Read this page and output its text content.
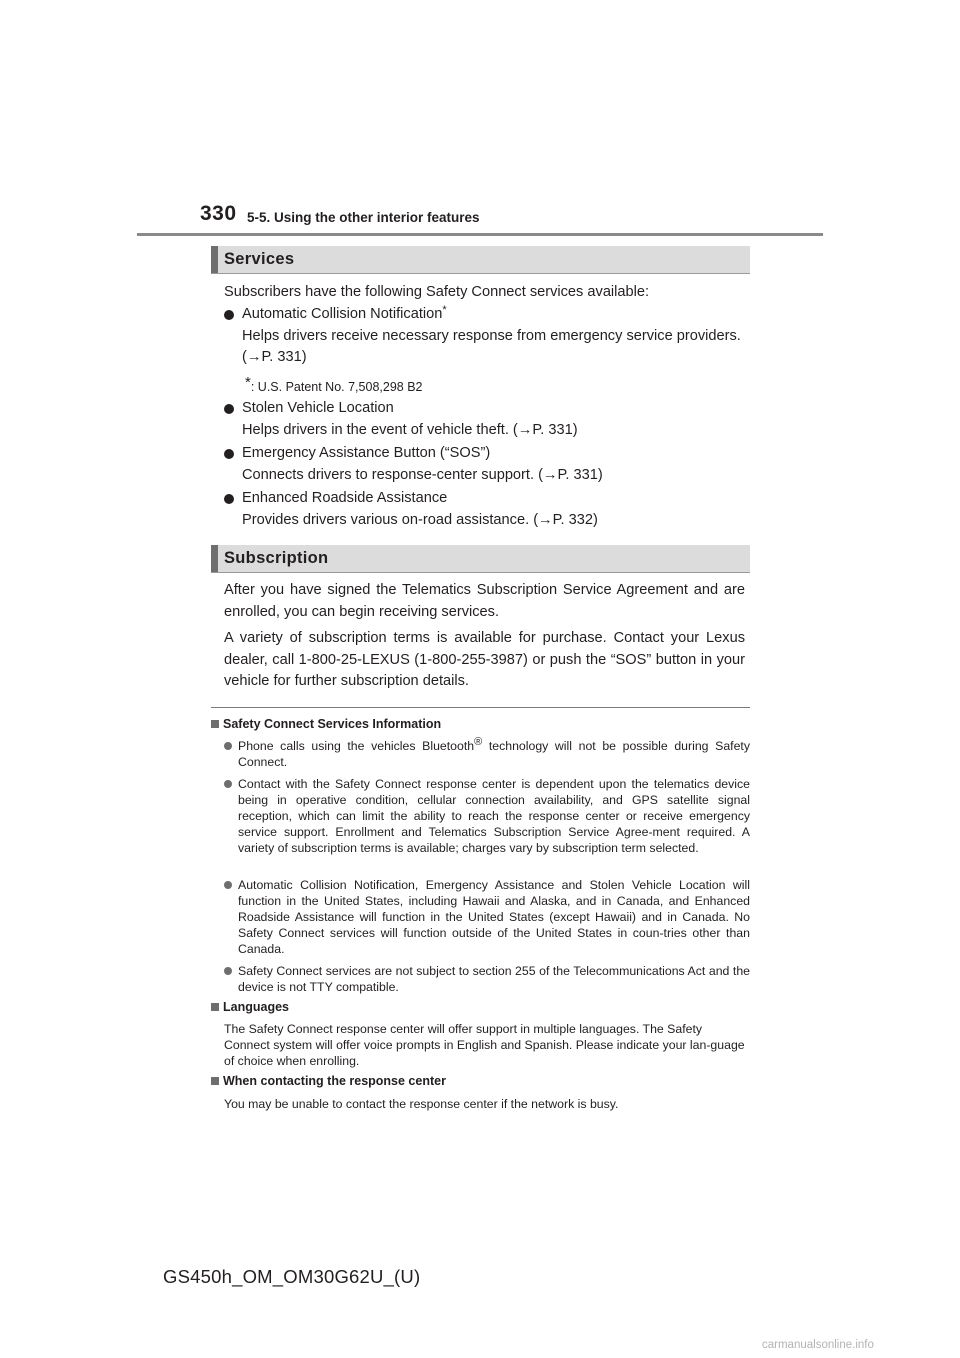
330 5-5. Using the other interior features
Services
Subscribers have the following Safety Connect services available:
Automatic Collision Notification*
Helps drivers receive necessary response from emergency service providers.
(→P. 331)
*: U.S. Patent No. 7,508,298 B2
Stolen Vehicle Location
Helps drivers in the event of vehicle theft. (→P. 331)
Emergency Assistance Button (“SOS”)
Connects drivers to response-center support. (→P. 331)
Enhanced Roadside Assistance
Provides drivers various on-road assistance. (→P. 332)
Subscription
After you have signed the Telematics Subscription Service Agreement and are enrolled, you can begin receiving services.
A variety of subscription terms is available for purchase. Contact your Lexus dealer, call 1-800-25-LEXUS (1-800-255-3987) or push the “SOS” button in your vehicle for further subscription details.
Safety Connect Services Information
Phone calls using the vehicles Bluetooth® technology will not be possible during Safety Connect.
Contact with the Safety Connect response center is dependent upon the telematics device being in operative condition, cellular connection availability, and GPS satellite signal reception, which can limit the ability to reach the response center or receive emergency service support. Enrollment and Telematics Subscription Service Agree-ment required. A variety of subscription terms is available; charges vary by subscription term selected.
Automatic Collision Notification, Emergency Assistance and Stolen Vehicle Location will function in the United States, including Hawaii and Alaska, and in Canada, and Enhanced Roadside Assistance will function in the United States (except Hawaii) and in Canada. No Safety Connect services will function outside of the United States in coun-tries other than Canada.
Safety Connect services are not subject to section 255 of the Telecommunications Act and the device is not TTY compatible.
Languages
The Safety Connect response center will offer support in multiple languages. The Safety Connect system will offer voice prompts in English and Spanish. Please indicate your lan-guage of choice when enrolling.
When contacting the response center
You may be unable to contact the response center if the network is busy.
GS450h_OM_OM30G62U_(U)
carmanualsonline.info
